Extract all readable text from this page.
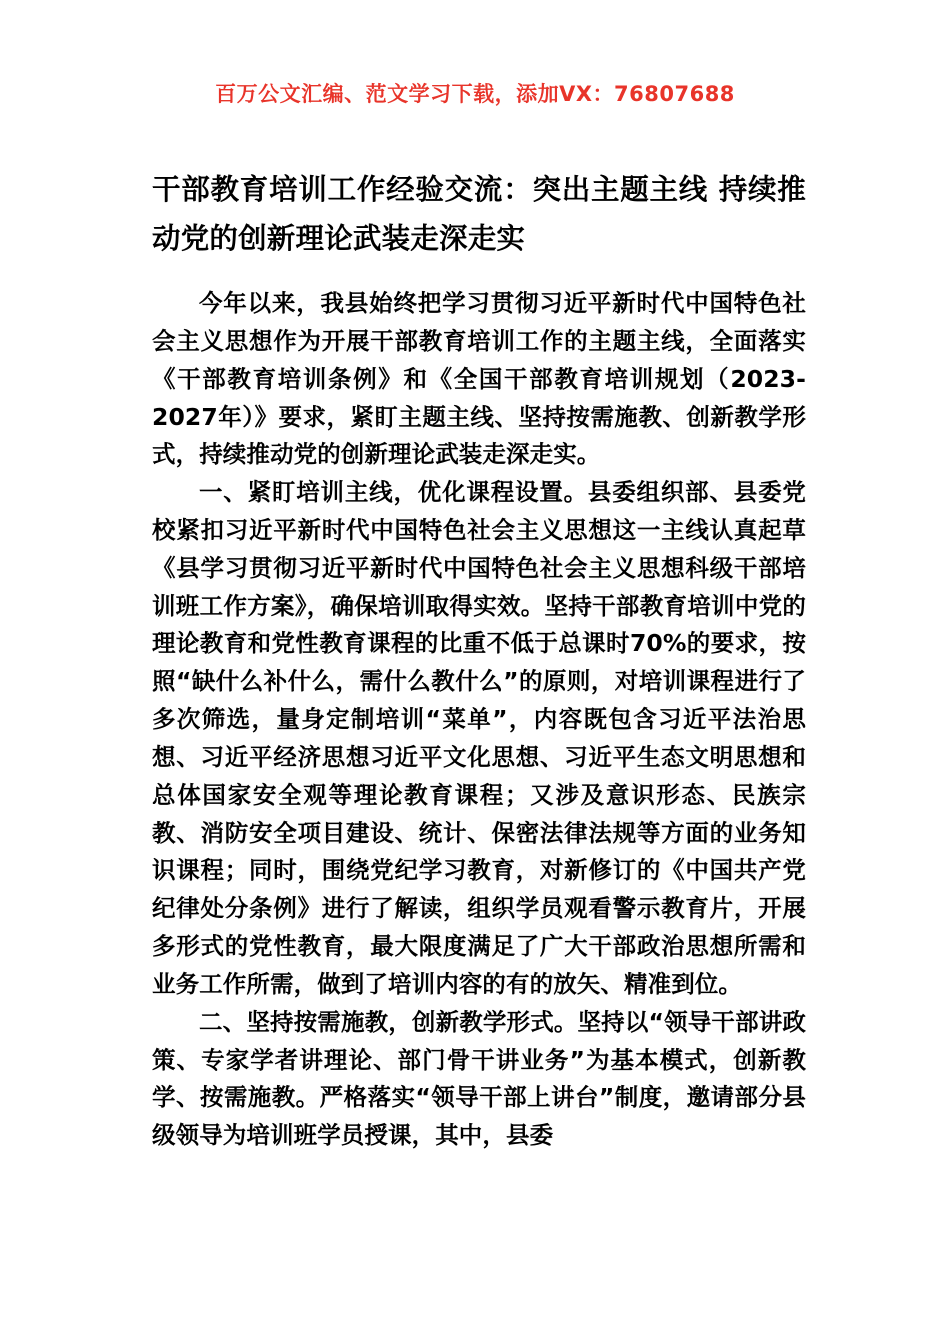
百万公文汇编、范文学习下载，添加VX：76807688
干部教育培训工作经验交流：突出主题主线 持续推动党的创新理论武装走深走实

今年以来，我县始终把学习贯彻习近平新时代中国特色社会主义思想作为开展干部教育培训工作的主题主线，全面落实《干部教育培训条例》和《全国干部教育培训规划（2023-2027年）》要求，紧盯主题主线、坚持按需施教、创新教学形式，持续推动党的创新理论武装走深走实。

一、紧盯培训主线，优化课程设置。县委组织部、县委党校紧扣习近平新时代中国特色社会主义思想这一主线认真起草《县学习贯彻习近平新时代中国特色社会主义思想科级干部培训班工作方案》，确保培训取得实效。坚持干部教育培训中党的理论教育和党性教育课程的比重不低于总课时70%的要求，按照“缺什么补什么，需什么教什么”的原则，对培训课程进行了多次筛选，量身定制培训“菜单”，内容既包含习近平法治思想、习近平经济思想习近平文化思想、习近平生态文明思想和总体国家安全观等理论教育课程；又涉及意识形态、民族宗教、消防安全项目建设、统计、保密法律法规等方面的业务知识课程；同时，围绕党纪学习教育，对新修订的《中国共产党纪律处分条例》进行了解读，组织学员观看警示教育片，开展多形式的党性教育，最大限度满足了广大干部政治思想所需和业务工作所需，做到了培训内容的有的放矢、精准到位。

二、坚持按需施教，创新教学形式。坚持以“领导干部讲政策、专家学者讲理论、部门骨干讲业务”为基本模式，创新教学、按需施教。严格落实“领导干部上讲台”制度，邀请部分县级领导为培训班学员授课，其中，县委
